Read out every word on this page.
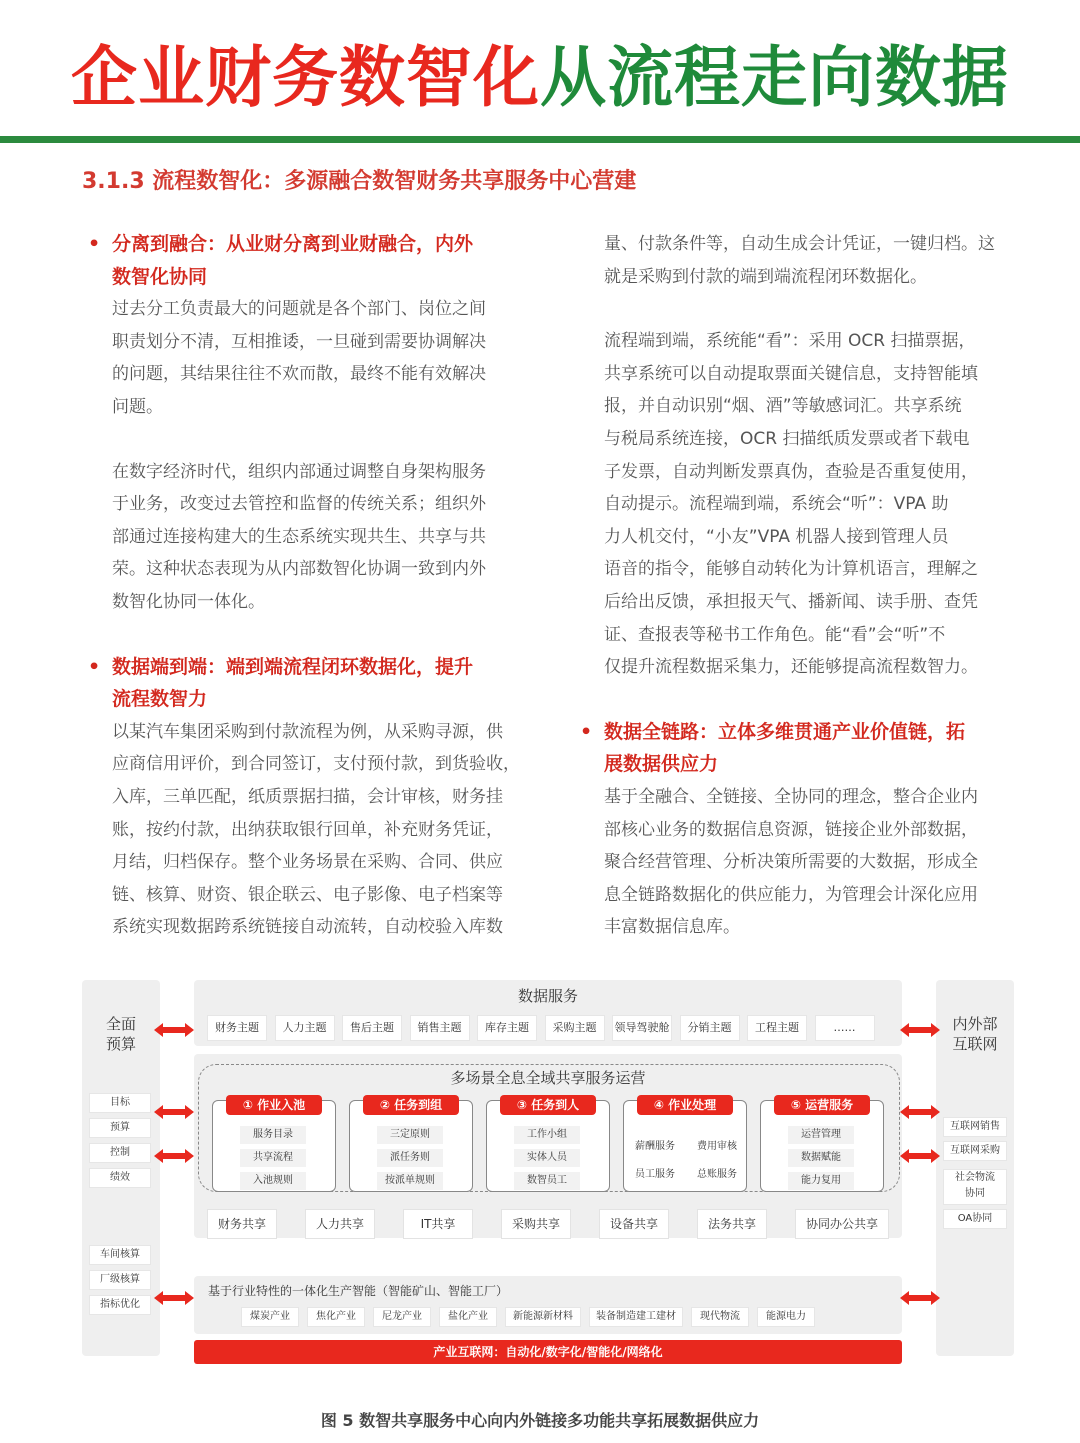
企业财务数智化从流程走向数据
3.1.3 流程数智化：多源融合数智财务共享服务中心营建
• 分离到融合：从业财分离到业财融合，内外
数智化协同

过去分工负责最大的问题就是各个部门、岗位之间

职责划分不清，互相推诿，一旦碰到需要协调解决

的问题，其结果往往不欢而散，最终不能有效解决

问题。

在数字经济时代，组织内部通过调整自身架构服务

于业务，改变过去管控和监督的传统关系；组织外

部通过连接构建大的生态系统实现共生、共享与共

荣。这种状态表现为从内部数智化协调一致到内外

数智化协同一体化。

• 数据端到端：端到端流程闭环数据化，提升
流程数智力

以某汽车集团采购到付款流程为例，从采购寻源，供

应商信用评价，到合同签订，支付预付款，到货验收，

入库，三单匹配，纸质票据扫描，会计审核，财务挂

账，按约付款，出纳获取银行回单，补充财务凭证，

月结，归档保存。整个业务场景在采购、合同、供应

链、核算、财资、银企联云、电子影像、电子档案等

系统实现数据跨系统链接自动流转，自动校验入库数

量、付款条件等，自动生成会计凭证，一键归档。这

就是采购到付款的端到端流程闭环数据化。

流程端到端，系统能“看”：采用 OCR 扫描票据，

共享系统可以自动提取票面关键信息，支持智能填

报，并自动识别“烟、酒”等敏感词汇。共享系统

与税局系统连接，OCR 扫描纸质发票或者下载电

子发票，自动判断发票真伪，查验是否重复使用，

自动提示。流程端到端，系统会“听”：VPA 助

力人机交付，“小友”VPA 机器人接到管理人员

语音的指令，能够自动转化为计算机语言，理解之

后给出反馈，承担报天气、播新闻、读手册、查凭

证、查报表等秘书工作角色。能“看”会“听”不

仅提升流程数据采集力，还能够提高流程数智力。

• 数据全链路：立体多维贯通产业价值链，拓
展数据供应力

基于全融合、全链接、全协同的理念，整合企业内

部核心业务的数据信息资源，链接企业外部数据，

聚合经营管理、分析决策所需要的大数据，形成全

息全链路数据化的供应能力，为管理会计深化应用

丰富数据信息库。

全面
预算
内外部
互联网
数据服务
多场景全息全域共享服务运营
基于行业特性的一体化生产智能（智能矿山、智能工厂）
产业互联网：自动化/数字化/智能化/网络化
财务主题	人力主题	售后主题	销售主题	库存主题	采购主题	领导驾驶舱	分销主题	工程主题	……
目标
预算
控制
绩效
车间核算
厂级核算
指标优化
互联网销售
互联网采购
社会物流
协同
OA协同
① 作业入池
服务目录
共享流程
入池规则
② 任务到组
三定原则
派任务则
按派单规则
③ 任务到人
工作小组
实体人员
数智员工
④ 作业处理
薪酬服务	费用审核
员工服务	总账服务
⑤ 运营服务
运营管理
数据赋能
能力复用
财务共享	人力共享	IT共享	采购共享	设备共享	法务共享	协同办公共享
煤炭产业	焦化产业	尼龙产业	盐化产业	新能源新材料	装备制造建工建材	现代物流	能源电力
图 5 数智共享服务中心向内外链接多功能共享拓展数据供应力
